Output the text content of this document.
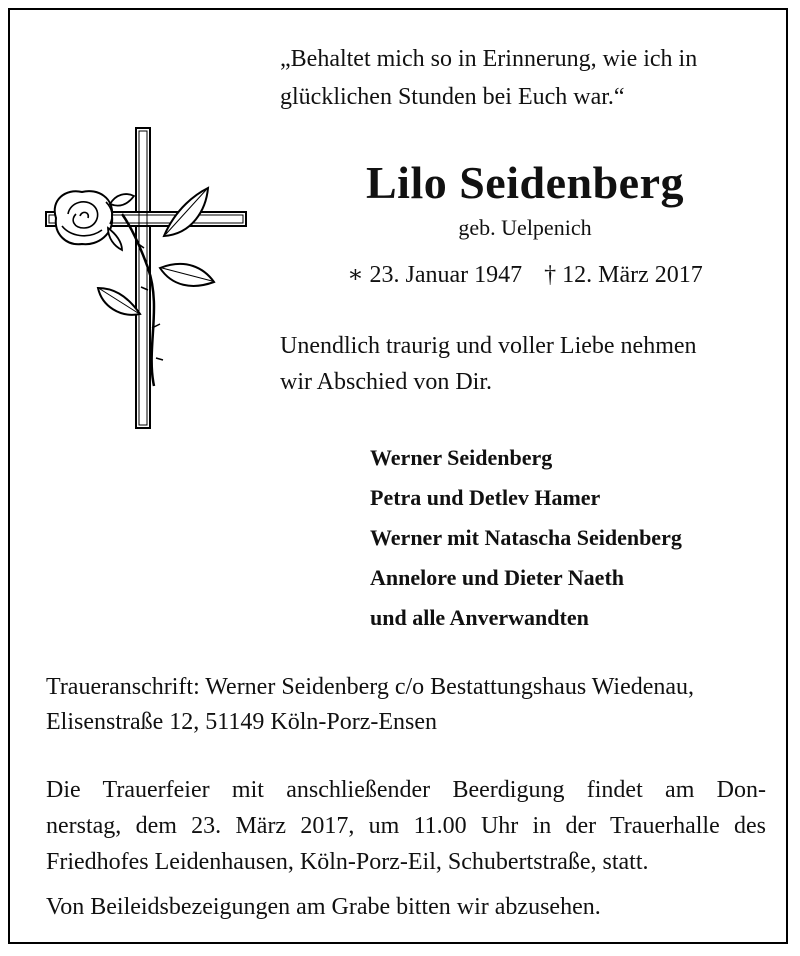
„Behaltet mich so in Erinnerung, wie ich in
glücklichen Stunden bei Euch war.“
Lilo Seidenberg
geb. Uelpenich
∗ 23. Januar 1947 † 12. März 2017
Unendlich traurig und voller Liebe nehmen
wir Abschied von Dir.
Werner Seidenberg
Petra und Detlev Hamer
Werner mit Natascha Seidenberg
Annelore und Dieter Naeth
und alle Anverwandten
Traueranschrift: Werner Seidenberg c/o Bestattungshaus Wiedenau,
Elisenstraße 12, 51149 Köln-Porz-Ensen
Die Trauerfeier mit anschließender Beerdigung findet am Don-
nerstag, dem 23. März 2017, um 11.00 Uhr in der Trauerhalle des
Friedhofes Leidenhausen, Köln-Porz-Eil, Schubertstraße, statt.
Von Beileidsbezeigungen am Grabe bitten wir abzusehen.
